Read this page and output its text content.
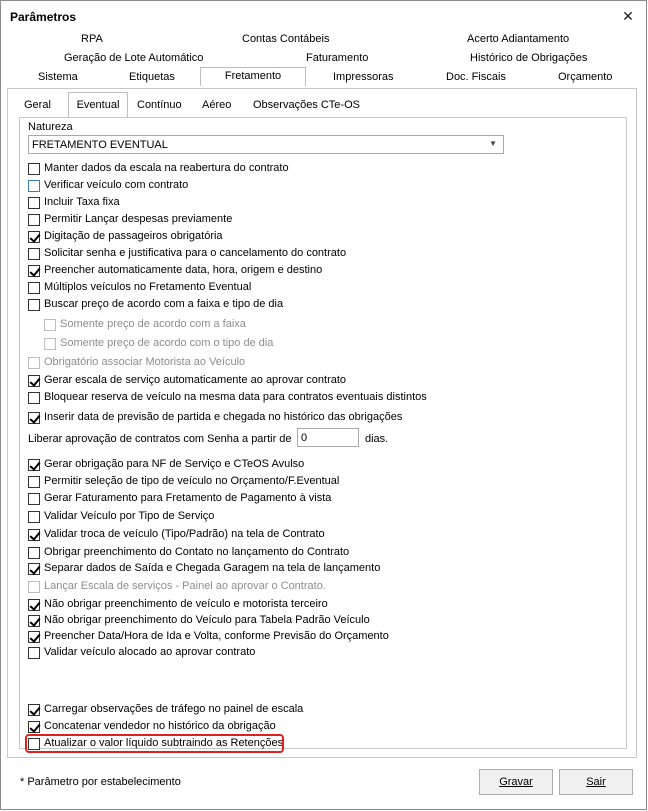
Parâmetros	✕
RPA	Contas Contábeis	Acerto Adiantamento
Geração de Lote Automático	Faturamento	Histórico de Obrigações
Sistema	Etiquetas	Fretamento	Impressoras	Doc. Fiscais	Orçamento
Geral	Eventual	Contínuo Aéreo Observações CTe-OS
Natureza
FRETAMENTO EVENTUAL	▼
Manter dados da escala na reabertura do contrato
Verificar veículo com contrato
Incluir Taxa fixa
Permitir Lançar despesas previamente
Digitação de passageiros obrigatória
Solicitar senha e justificativa para o cancelamento do contrato
Preencher automaticamente data, hora, origem e destino
Múltiplos veículos no Fretamento Eventual
Buscar preço de acordo com a faixa e tipo de dia
Somente preço de acordo com a faixa
Somente preço de acordo com o tipo de dia
Obrigatório associar Motorista ao Veículo
Gerar escala de serviço automaticamente ao aprovar contrato
Bloquear reserva de veículo na mesma data para contratos eventuais distintos
Inserir data de previsão de partida e chegada no histórico das obrigações
Liberar aprovação de contratos com Senha a partir de 0	dias.
Gerar obrigação para NF de Serviço e CTeOS Avulso
Permitir seleção de tipo de veículo no Orçamento/F.Eventual
Gerar Faturamento para Fretamento de Pagamento à vista
Validar Veículo por Tipo de Serviço
Validar troca de veículo (Tipo/Padrão) na tela de Contrato
Obrigar preenchimento do Contato no lançamento do Contrato
Separar dados de Saída e Chegada Garagem na tela de lançamento
Lançar Escala de serviços - Painel ao aprovar o Contrato.
Não obrigar preenchimento de veículo e motorista terceiro
Não obrigar preenchimento do Veículo para Tabela Padrão Veículo
Preencher Data/Hora de Ida e Volta, conforme Previsão do Orçamento
Validar veículo alocado ao aprovar contrato
Carregar observações de tráfego no painel de escala
Concatenar vendedor no histórico da obrigação
Atualizar o valor líquido subtraindo as Retenções
* Parâmetro por estabelecimento	Gravar	Sair
